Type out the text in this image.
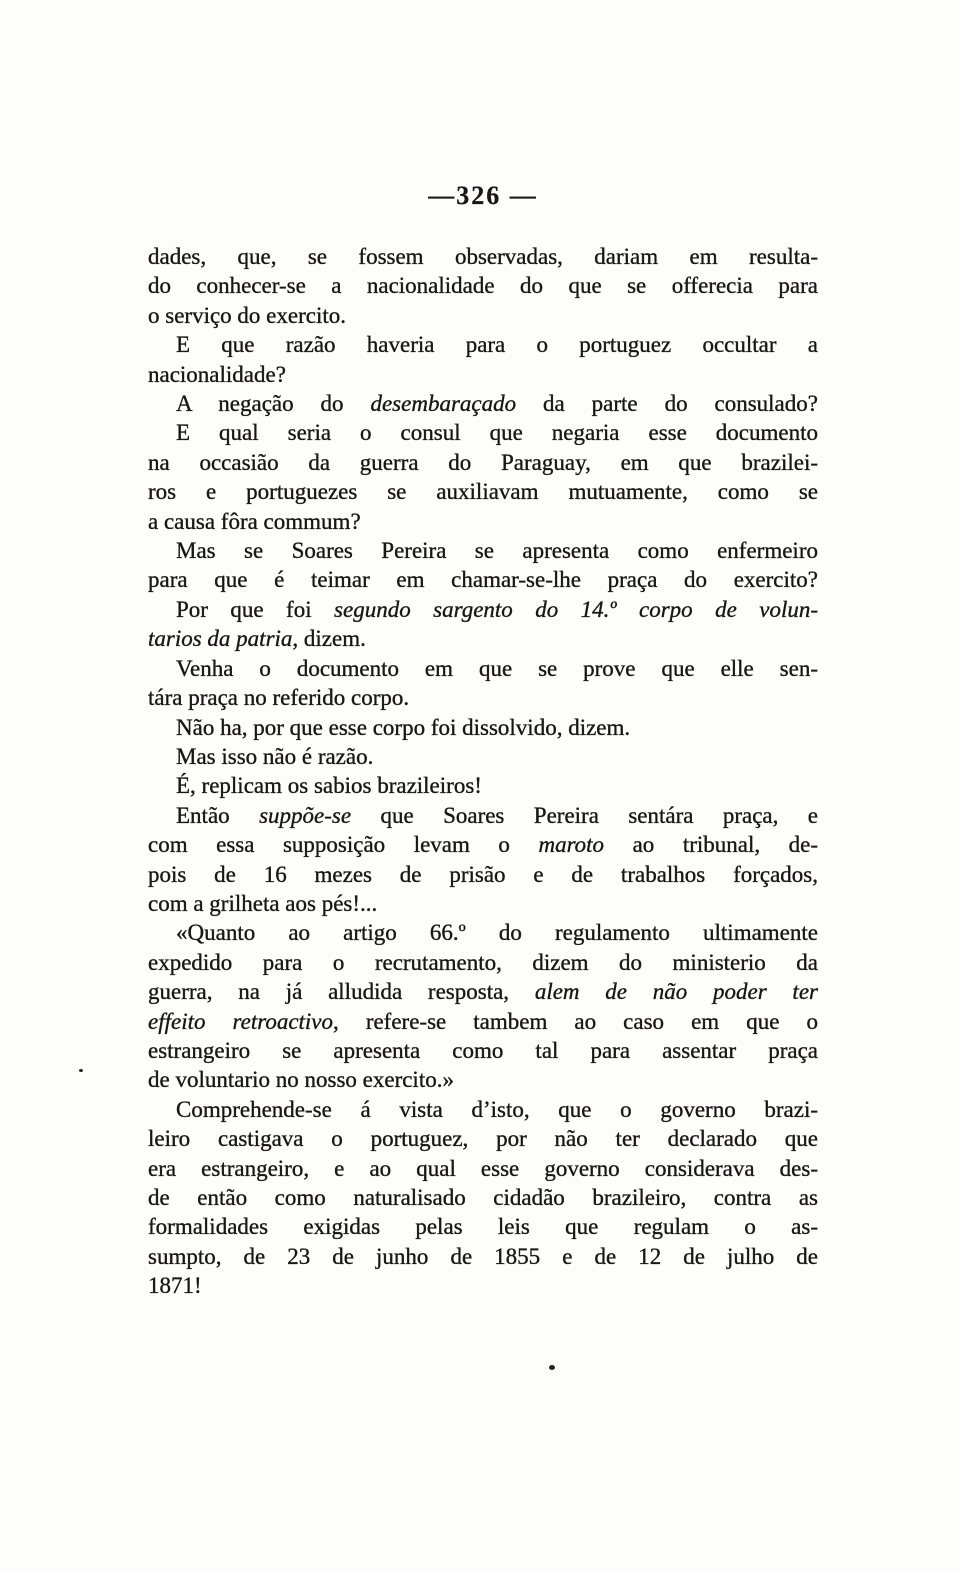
—326 —
dades, que, se fossem observadas, dariam em resulta-
do conhecer-se a nacionalidade do que se offerecia para
o serviço do exercito.
E que razão haveria para o portuguez occultar a
nacionalidade?
A negação do desembaraçado da parte do consulado?
E qual seria o consul que negaria esse documento
na occasião da guerra do Paraguay, em que brazilei-
ros e portuguezes se auxiliavam mutuamente, como se
a causa fôra commum?
Mas se Soares Pereira se apresenta como enfermeiro
para que é teimar em chamar-se-lhe praça do exercito?
Por que foi segundo sargento do 14.º corpo de volun-
tarios da patria, dizem.
Venha o documento em que se prove que elle sen-
tára praça no referido corpo.
Não ha, por que esse corpo foi dissolvido, dizem.
Mas isso não é razão.
É, replicam os sabios brazileiros!
Então suppõe-se que Soares Pereira sentára praça, e
com essa supposição levam o maroto ao tribunal, de-
pois de 16 mezes de prisão e de trabalhos forçados,
com a grilheta aos pés!...
«Quanto ao artigo 66.º do regulamento ultimamente
expedido para o recrutamento, dizem do ministerio da
guerra, na já alludida resposta, alem de não poder ter
effeito retroactivo, refere-se tambem ao caso em que o
estrangeiro se apresenta como tal para assentar praça
de voluntario no nosso exercito.»
Comprehende-se á vista d’isto, que o governo brazi-
leiro castigava o portuguez, por não ter declarado que
era estrangeiro, e ao qual esse governo considerava des-
de então como naturalisado cidadão brazileiro, contra as
formalidades exigidas pelas leis que regulam o as-
sumpto, de 23 de junho de 1855 e de 12 de julho de
1871!
